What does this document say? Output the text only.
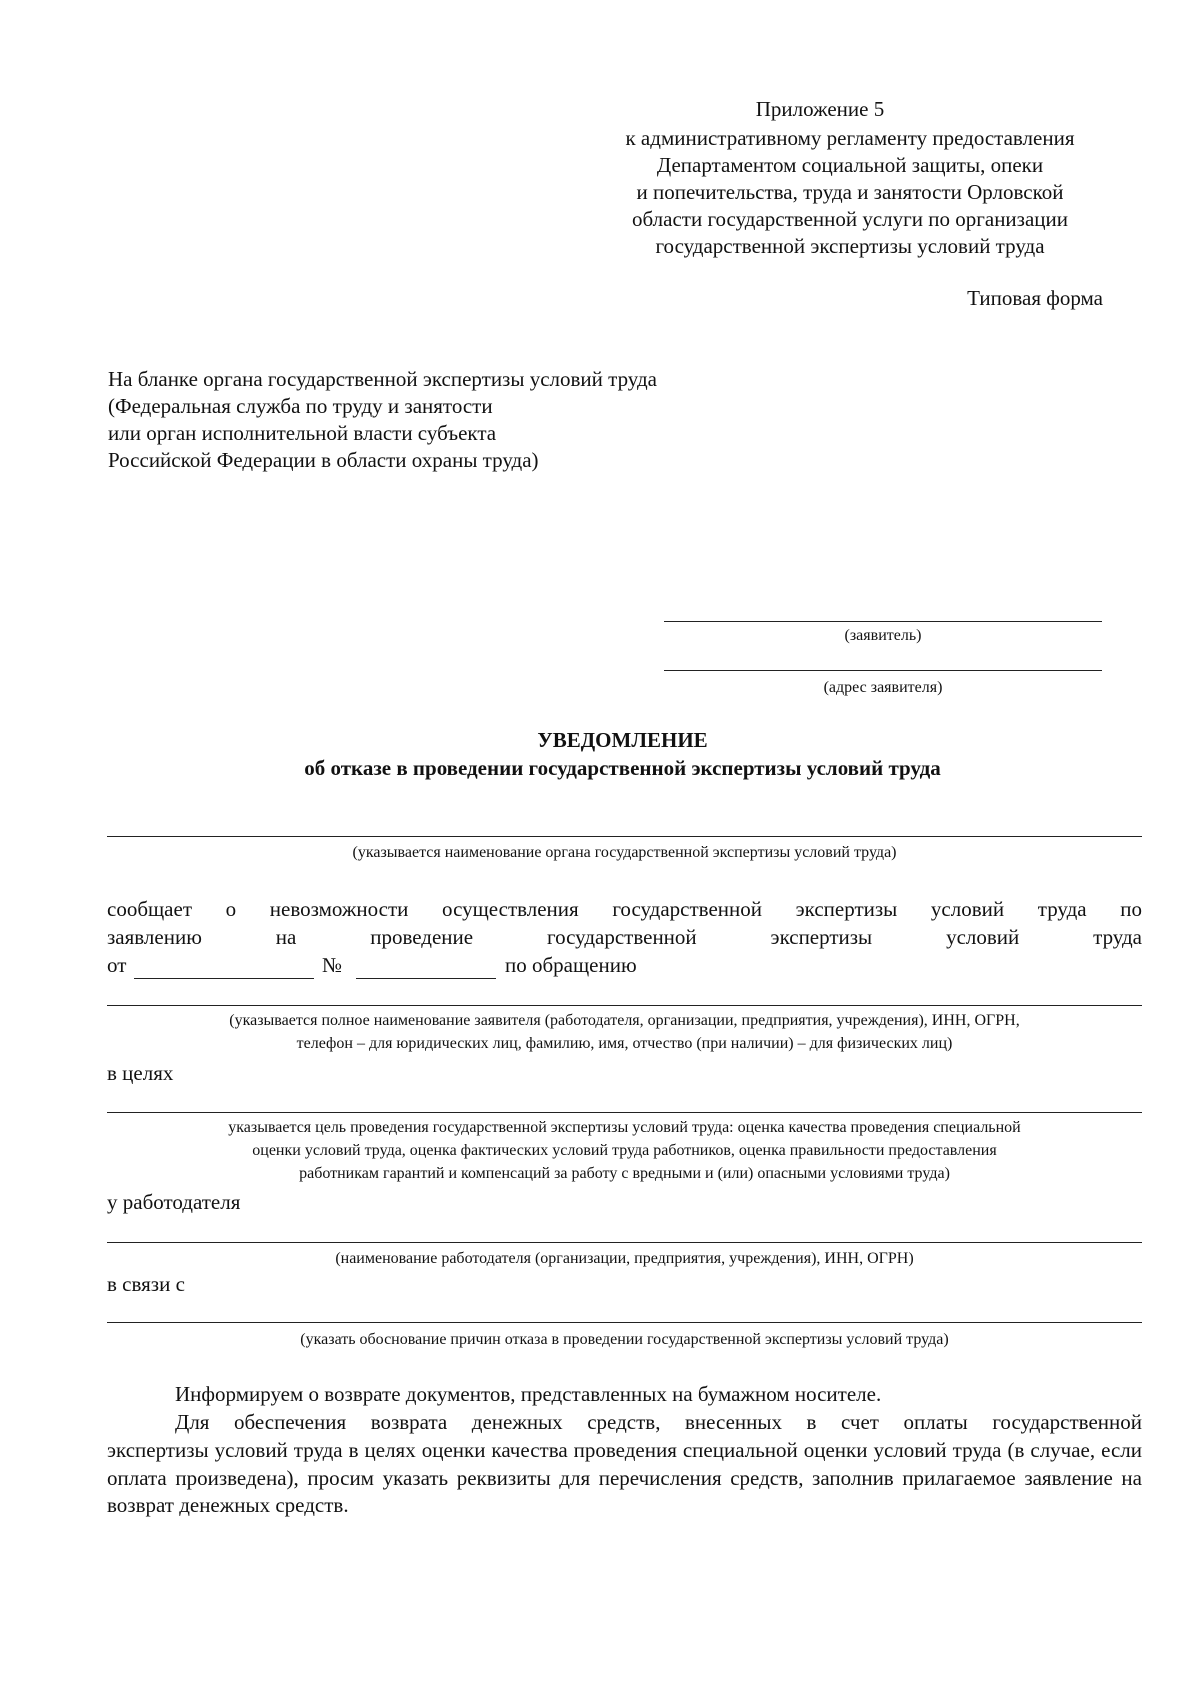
Приложение 5
к административному регламенту предоставления
Департаментом социальной защиты, опеки
и попечительства, труда и занятости Орловской
области государственной услуги по организации
государственной экспертизы условий труда
Типовая форма
На бланке органа государственной экспертизы условий труда
(Федеральная служба по труду и занятости
или орган исполнительной власти субъекта
Российской Федерации в области охраны труда)
(заявитель)
(адрес заявителя)
УВЕДОМЛЕНИЕ
об отказе в проведении государственной экспертизы условий труда
(указывается наименование органа государственной экспертизы условий труда)
сообщает о невозможности осуществления государственной экспертизы условий труда по
заявлению на проведение государственной экспертизы условий труда
от	№	по обращению
(указывается полное наименование заявителя (работодателя, организации, предприятия, учреждения), ИНН, ОГРН,
телефон – для юридических лиц, фамилию, имя, отчество (при наличии) – для физических лиц)
в целях
указывается цель проведения государственной экспертизы условий труда: оценка качества проведения специальной
оценки условий труда, оценка фактических условий труда работников, оценка правильности предоставления
работникам гарантий и компенсаций за работу с вредными и (или) опасными условиями труда)
у работодателя
(наименование работодателя (организации, предприятия, учреждения), ИНН, ОГРН)
в связи с
(указать обоснование причин отказа в проведении государственной экспертизы условий труда)
Информируем о возврате документов, представленных на бумажном носителе.
Для обеспечения возврата денежных средств, внесенных в счет оплаты государственной
экспертизы условий труда в целях оценки качества проведения специальной оценки условий труда (в случае, если оплата произведена), просим указать реквизиты для перечисления средств, заполнив прилагаемое заявление на возврат денежных средств.
